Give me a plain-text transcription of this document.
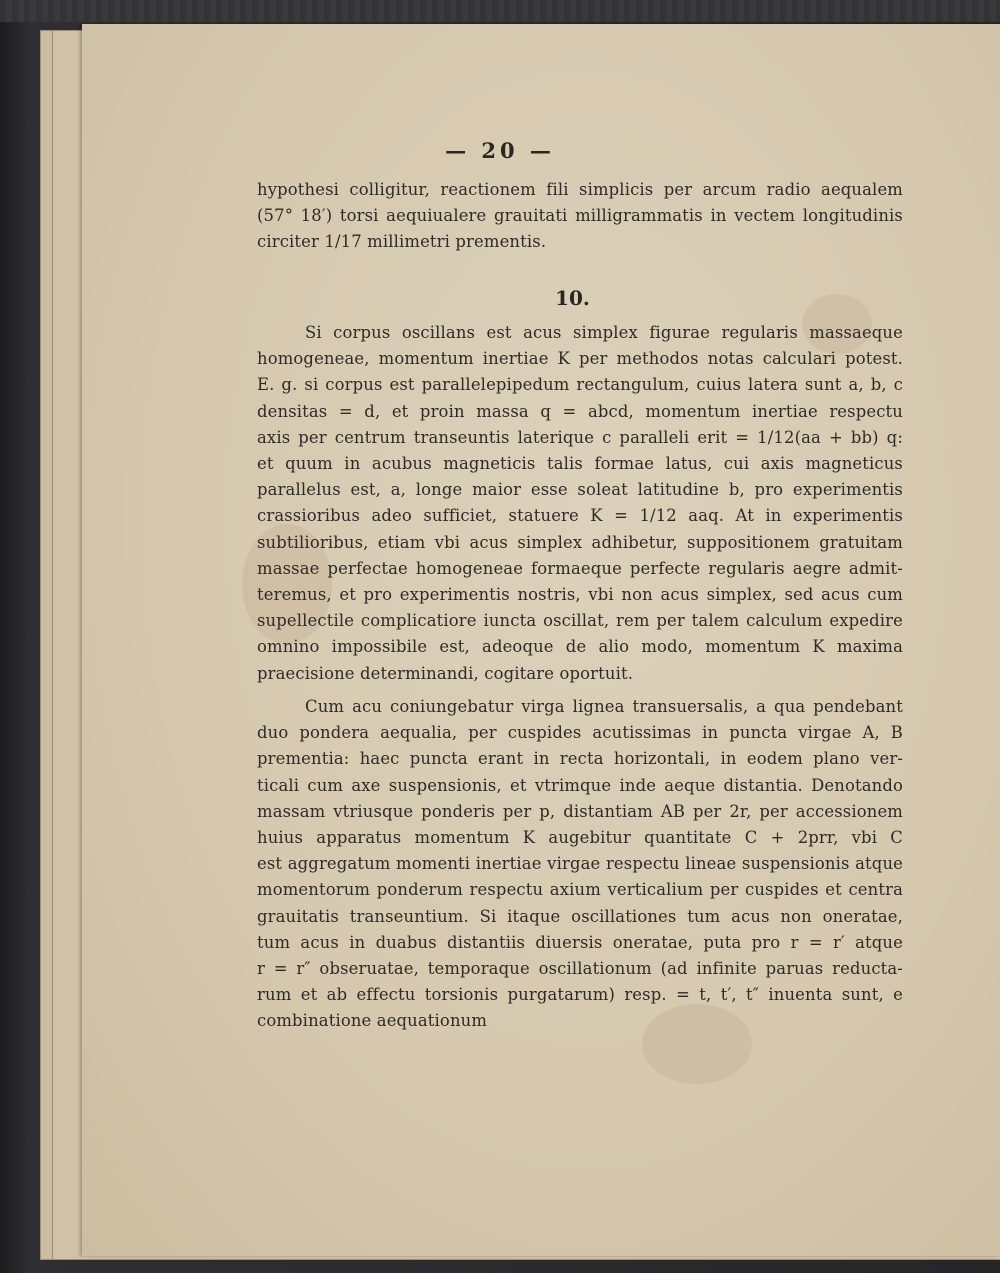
— 20 —
hypothesi colligitur, reactionem fili simplicis per arcum radio aequalem
(57° 18′) torsi aequiualere grauitati milligrammatis in vectem longitudinis
circiter 1/17 millimetri prementis.
10.
Si corpus oscillans est acus simplex figurae regularis massaeque
homogeneae, momentum inertiae K per methodos notas calculari potest.
E. g. si corpus est parallelepipedum rectangulum, cuius latera sunt a, b, c
densitas = d, et proin massa q = abcd, momentum inertiae respectu
axis per centrum transeuntis laterique c paralleli erit = 1/12(aa + bb) q:
et quum in acubus magneticis talis formae latus, cui axis magneticus
parallelus est, a, longe maior esse soleat latitudine b, pro experimentis
crassioribus adeo sufficiet, statuere K = 1/12 aaq. At in experimentis
subtilioribus, etiam vbi acus simplex adhibetur, suppositionem gratuitam
massae perfectae homogeneae formaeque perfecte regularis aegre admit-
teremus, et pro experimentis nostris, vbi non acus simplex, sed acus cum
supellectile complicatiore iuncta oscillat, rem per talem calculum expedire
omnino impossibile est, adeoque de alio modo, momentum K maxima
praecisione determinandi, cogitare oportuit.
Cum acu coniungebatur virga lignea transuersalis, a qua pendebant
duo pondera aequalia, per cuspides acutissimas in puncta virgae A, B
prementia: haec puncta erant in recta horizontali, in eodem plano ver-
ticali cum axe suspensionis, et vtrimque inde aeque distantia. Denotando
massam vtriusque ponderis per p, distantiam AB per 2r, per accessionem
huius apparatus momentum K augebitur quantitate C + 2prr, vbi C
est aggregatum momenti inertiae virgae respectu lineae suspensionis atque
momentorum ponderum respectu axium verticalium per cuspides et centra
grauitatis transeuntium. Si itaque oscillationes tum acus non oneratae,
tum acus in duabus distantiis diuersis oneratae, puta pro r = r′ atque
r = r″ obseruatae, temporaque oscillationum (ad infinite paruas reducta-
rum et ab effectu torsionis purgatarum) resp. = t, t′, t″ inuenta sunt, e
combinatione aequationum
